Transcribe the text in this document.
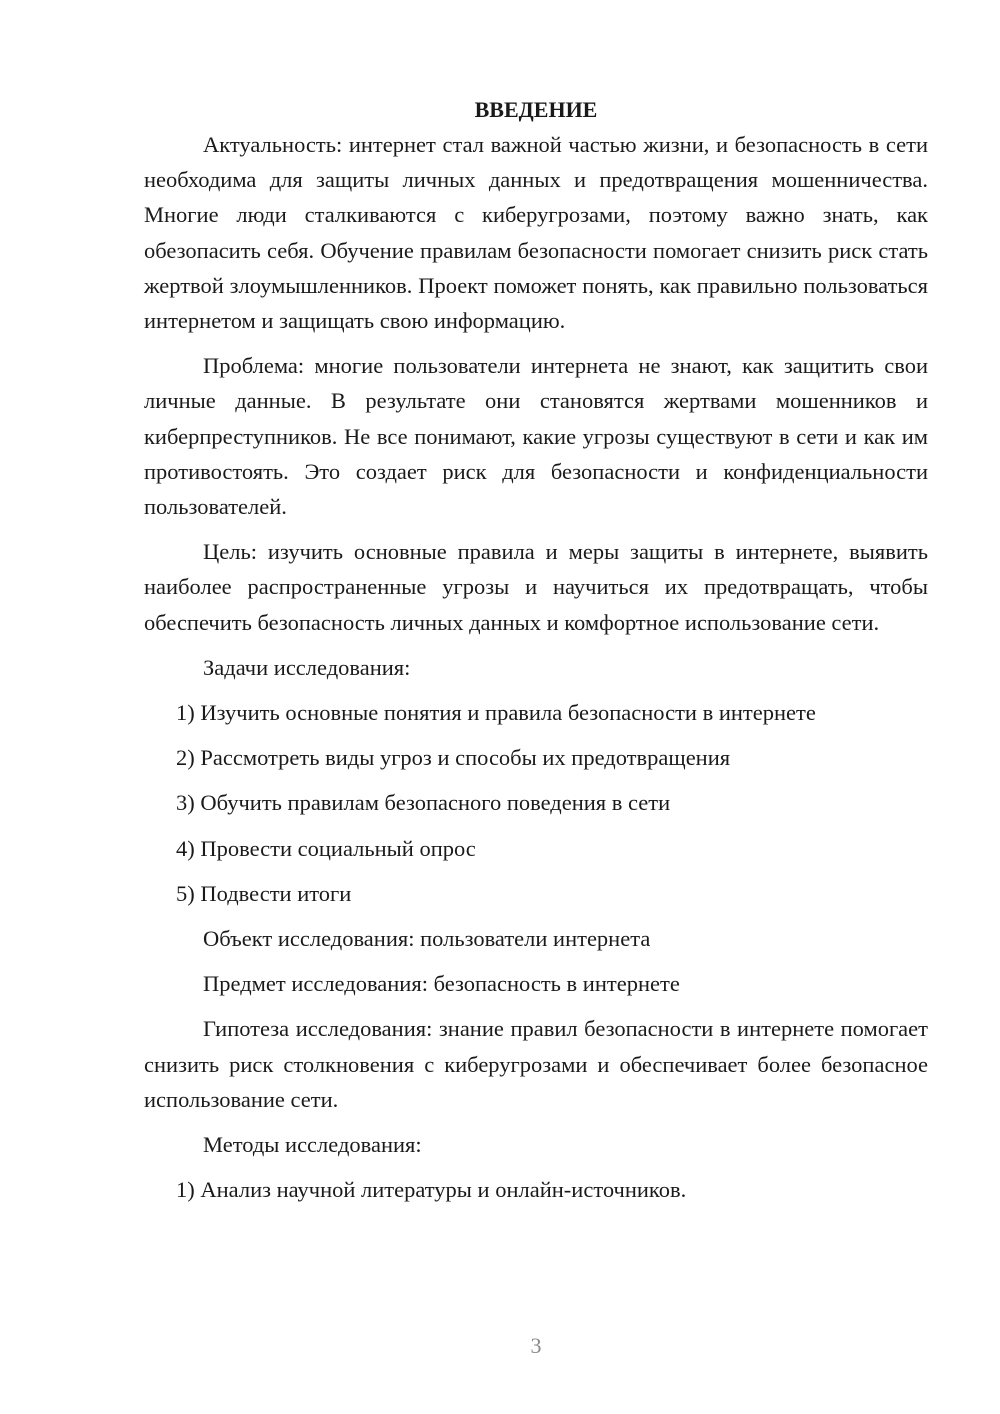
ВВЕДЕНИЕ

Актуальность: интернет стал важной частью жизни, и безопасность в сети необходима для защиты личных данных и предотвращения мошенничества. Многие люди сталкиваются с киберугрозами, поэтому важно знать, как обезопасить себя. Обучение правилам безопасности помогает снизить риск стать жертвой злоумышленников. Проект поможет понять, как правильно пользоваться интернетом и защищать свою информацию.

Проблема: многие пользователи интернета не знают, как защитить свои личные данные. В результате они становятся жертвами мошенников и киберпреступников. Не все понимают, какие угрозы существуют в сети и как им противостоять. Это создает риск для безопасности и конфиденциальности пользователей.

Цель: изучить основные правила и меры защиты в интернете, выявить наиболее распространенные угрозы и научиться их предотвращать, чтобы обеспечить безопасность личных данных и комфортное использование сети.

Задачи исследования:

1) Изучить основные понятия и правила безопасности в интернете

2) Рассмотреть виды угроз и способы их предотвращения

3) Обучить правилам безопасного поведения в сети

4) Провести социальный опрос

5) Подвести итоги

Объект исследования: пользователи интернета

Предмет исследования: безопасность в интернете

Гипотеза исследования: знание правил безопасности в интернете помогает снизить риск столкновения с киберугрозами и обеспечивает более безопасное использование сети.

Методы исследования:

1) Анализ научной литературы и онлайн-источников.

3
